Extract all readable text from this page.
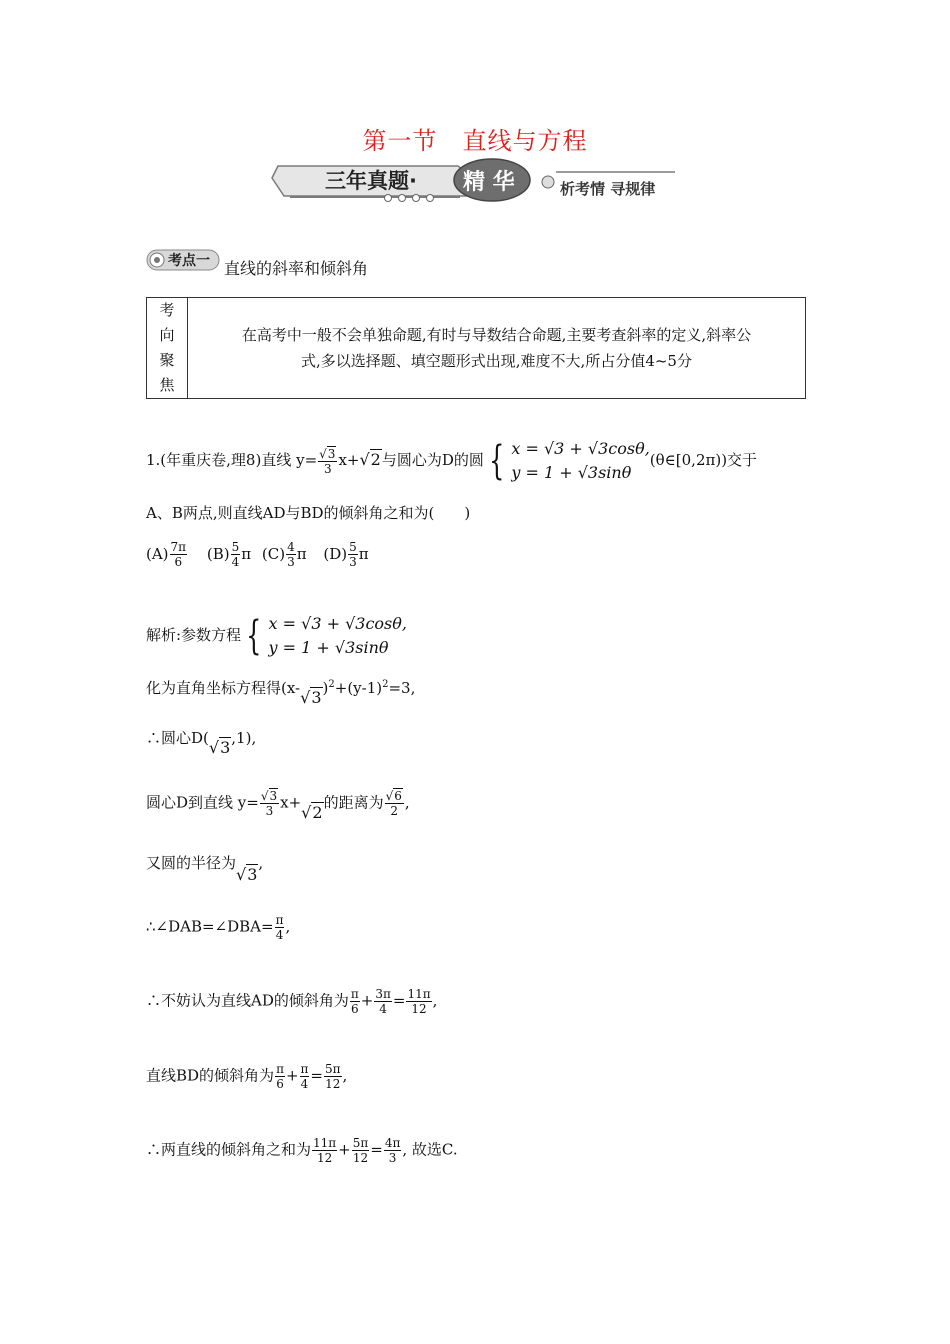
第一节　直线与方程
三年真题· 精 华	析考情 寻规律
考点一 直线的斜率和倾斜角
考
向
聚
焦
在高考中一般不会单独命题,有时与导数结合命题,主要考查斜率的定义,斜率公
式,多以选择题、填空题形式出现,难度不大,所占分值4~5分
1.(年重庆卷,理8)直线 $y= \frac{√3}{3} x+√2$与圆心为D的圆 { x = √3 + √3cosθ,
y = 1 + √3sinθ
(θ∈[0,2π))交于
A、B两点,则直线AD与BD的倾斜角之和为(　　)
$(A) \frac{7\pi}{6} (B) \frac{5}{4}$ π $(C) \frac{4}{3}$ π $(D) \frac{5}{3}$ π
解析:参数方程 { x = √3 + √3cosθ,
y = 1 + √3sinθ
化为直角坐标方程得$(x-√3)^2+(y-1)^2=3$,
∴圆心D(√3,1),
圆心D到直线 $y= \frac{√3}{3} x+√2$的距离为 $\frac{√6}{2}$ ,
又圆的半径为√3,
∴∠DAB=∠DBA= $\frac{\pi}{4}$ ,
∴不妨认为直线AD的倾斜角为 $\frac{\pi}{6} + \frac{3\pi}{4} = \frac{11\pi}{12}$ ,
直线BD的倾斜角为 $\frac{\pi}{6} + \frac{\pi}{4} = \frac{5\pi}{12}$ ,
∴两直线的倾斜角之和为 $\frac{11\pi}{12} + \frac{5\pi}{12} = \frac{4\pi}{3}$ , 故选C.
